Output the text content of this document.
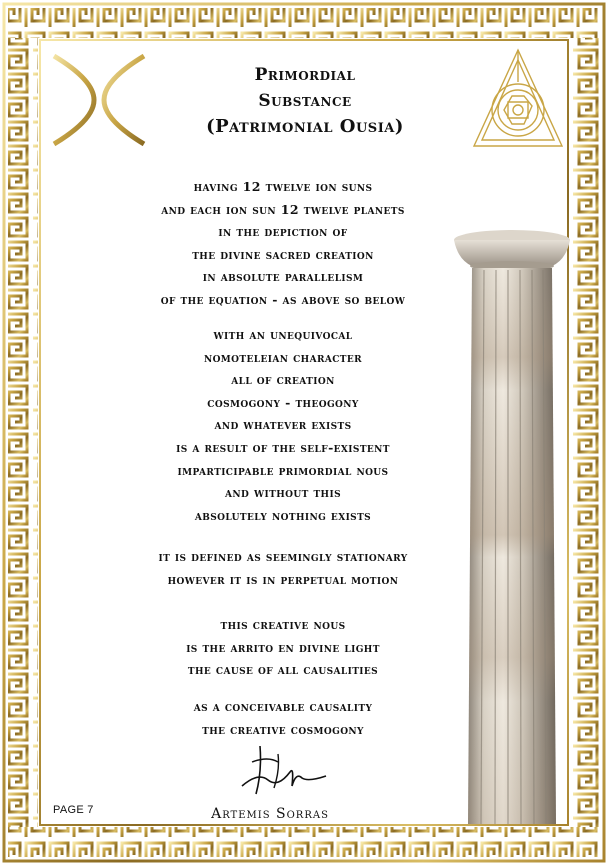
Primordial
Substance
(Patrimonial Ousia)
having 12 twelve ion suns
and each ion sun 12 twelve planets
in the depiction of
the divine sacred creation
in absolute parallelism
of the equation - as above so below
with an unequivocal
nomoteleian character
all of creation
cosmogony - theogony
and whatever exists
is a result of the self-existent
imparticipable primordial nous
and without this
absolutely nothing exists
it is defined as seemingly stationary
however it is in perpetual motion
this creative nous
is the arrito en divine light
the cause of all causalities
as a conceivable causality
the creative cosmogony
PAGE 7	Artemis Sorras
